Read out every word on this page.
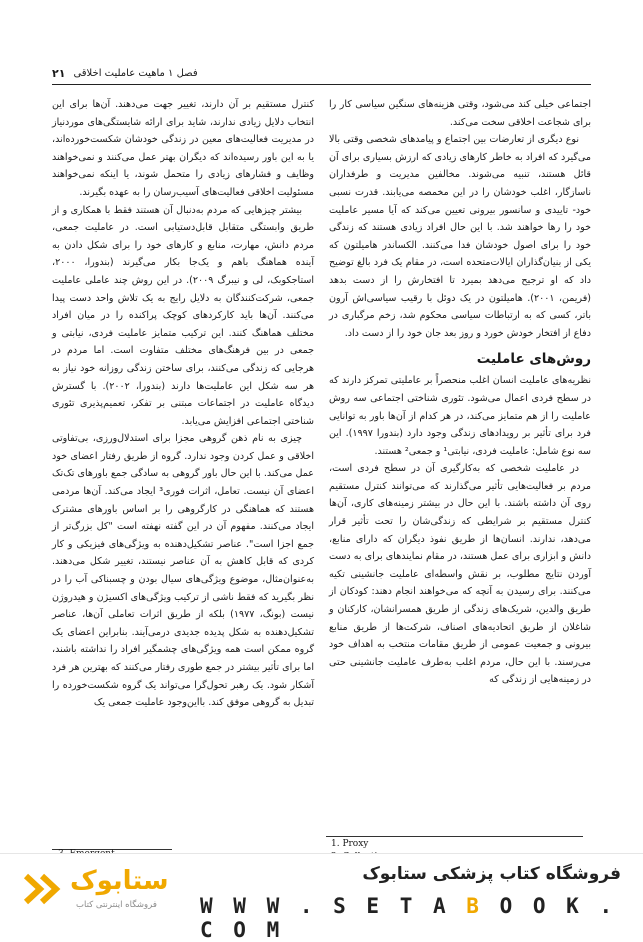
۲۱ فصل ۱ ماهیت عاملیت اخلاقی

اجتماعی خیلی کند می‌شود، وقتی هزینه‌های سنگین سیاسی کار را برای شجاعت اخلاقی سخت می‌کند.

نوع دیگری از تعارضات بین اجتماع و پیامدهای شخصی وقتی بالا می‌گیرد که افراد به خاطر کارهای زیادی که ارزش بسیاری برای آن قائل هستند، تنبیه می‌شوند. مخالفین مدیریت و طرفداران ناسازگار، اغلب خودشان را در این مخمصه می‌یابند. قدرت نسبی خود- تاییدی و سانسور بیرونی تعیین می‌کند که آیا مسیر عاملیت خود را رها خواهند شد. با این حال افراد زیادی هستند که زندگی خود را برای اصول خودشان فدا می‌کنند. الکساندر هامیلتون که یکی از بنیان‌گذاران ایالات‌متحده است، در مقام یک فرد بالغ توضیح داد که او ترجیح می‌دهد بمیرد تا افتخارش را از دست بدهد (فریمن، ۲۰۰۱). هامیلتون در یک دوئل با رقیب سیاسی‌اش آرون باتر، کسی که به ارتباطات سیاسی محکوم شد، زخم مرگباری در دفاع از افتخار خودش خورد و روز بعد جان خود را از دست داد.

روش‌های عاملیت

نظریه‌های عاملیت انسان اغلب منحصراً بر عاملیتی تمرکز دارند که در سطح فردی اعمال می‌شود. تئوری شناختی اجتماعی سه روش عاملیت را از هم متمایز می‌کند، در هر کدام از آن‌ها باور به توانایی فرد برای تأثیر بر رویدادهای زندگی وجود دارد (بندورا ۱۹۹۷). این سه نوع شامل: عاملیت فردی، نیابتی¹ و جمعی² هستند.

در عاملیت شخصی که به‌کارگیری آن در سطح فردی است، مردم بر فعالیت‌هایی تأثیر می‌گذارند که می‌توانند کنترل مستقیم روی آن داشته باشند. با این حال در بیشتر زمینه‌های کاری، آن‌ها کنترل مستقیم بر شرایطی که زندگی‌شان را تحت تأثیر قرار می‌دهد، ندارند. انسان‌ها از طریق نفوذ دیگران که دارای منابع، دانش و ابزاری برای عمل هستند، در مقام نمایندهای برای به دست آوردن نتایج مطلوب، بر نقش واسطه‌ای عاملیت جانشینی تکیه می‌کنند. برای رسیدن به آنچه که می‌خواهند انجام دهند: کودکان از طریق والدین، شریک‌های زندگی از طریق همسرانشان، کارکنان و شاغلان از طریق اتحادیه‌های اصناف، شرکت‌ها از طریق منابع بیرونی و جمعیت عمومی از طریق مقامات منتخب به اهداف خود می‌رسند. با این حال، مردم اغلب به‌طرف عاملیت جانشینی حتی در زمینه‌هایی از زندگی که

کنترل مستقیم بر آن دارند، تغییر جهت می‌دهند. آن‌ها برای این انتخاب دلایل زیادی ندارند، شاید برای ارائه شایستگی‌های موردنیاز در مدیریت فعالیت‌های معین در زندگی خودشان شکست‌خورده‌اند، یا به این باور رسیده‌اند که دیگران بهتر عمل می‌کنند و نمی‌خواهند وظایف و فشارهای زیادی را متحمل شوند، یا اینکه نمی‌خواهند مسئولیت اخلاقی فعالیت‌های آسیب‌رسان را به عهده بگیرند.

بیشتر چیزهایی که مردم به‌دنبال آن هستند فقط با همکاری و از طریق وابستگی متقابل قابل‌دستیابی است. در عاملیت جمعی، مردم دانش، مهارت، منابع و کارهای خود را برای شکل دادن به آینده هماهنگ باهم و یک‌جا بکار می‌گیرند (بندورا، ۲۰۰۰، استاجکوبک، لی و نیبرگ ۲۰۰۹). در این روش چند عاملی عاملیت جمعی، شرکت‌کنندگان به دلایل رایج به یک تلاش واحد دست پیدا می‌کنند. آن‌ها باید کارکردهای کوچک پراکنده را در میان افراد مختلف هماهنگ کنند. این ترکیب متمایز عاملیت فردی، نیابتی و جمعی در بین فرهنگ‌های مختلف متفاوت است. اما مردم در هرجایی که زندگی می‌کنند، برای ساختن زندگی روزانه خود نیاز به هر سه شکل این عاملیت‌ها دارند (بندورا، ۲۰۰۲). با گسترش دیدگاه عاملیت در اجتماعات مبتنی بر تفکر، تعمیم‌پذیری تئوری شناختی اجتماعی افزایش می‌یابد.

چیزی به نام ذهن گروهی مجزا برای استدلال‌ورزی، بی‌تفاوتی اخلاقی و عمل کردن وجود ندارد. گروه از طریق رفتار اعضای خود عمل می‌کند. با این حال باور گروهی به سادگی جمع باورهای تک‌تک اعضای آن نیست. تعامل، اثرات فوری³ ایجاد می‌کند. آن‌ها مردمی هستند که هماهنگی در کارگروهی را بر اساس باورهای مشترک ایجاد می‌کنند. مفهوم آن در این گفته نهفته است "کل بزرگ‌تر از جمع اجزا است". عناصر تشکیل‌دهنده به ویژگی‌های فیزیکی و کار کردی که قابل کاهش به آن عناصر نیستند، تغییر شکل می‌دهند. به‌عنوان‌مثال، موضوع ویژگی‌های سیال بودن و چسبناکی آب را در نظر بگیرید که فقط ناشی از ترکیب ویژگی‌های اکسیژن و هیدروژن نیست (بونگ، ۱۹۷۷) بلکه از طریق اثرات تعاملی آن‌ها، عناصر تشکیل‌دهنده به شکل پدیده جدیدی درمی‌آیند. بنابراین اعضای یک گروه ممکن است همه ویژگی‌های چشمگیر افراد را نداشته باشند، اما برای تأثیر بیشتر در جمع طوری رفتار می‌کنند که بهترین هر فرد آشکار شود. یک رهبر تحول‌گرا می‌تواند یک گروه شکست‌خورده را تبدیل به گروهی موفق کند. بااین‌وجود عاملیت جمعی یک

1. Proxy
ستابوک
فروشگاه اینترنتی کتاب
فروشگاه کتاب پزشکی ستابوک
W W W . S E T A B O O K . C O M
